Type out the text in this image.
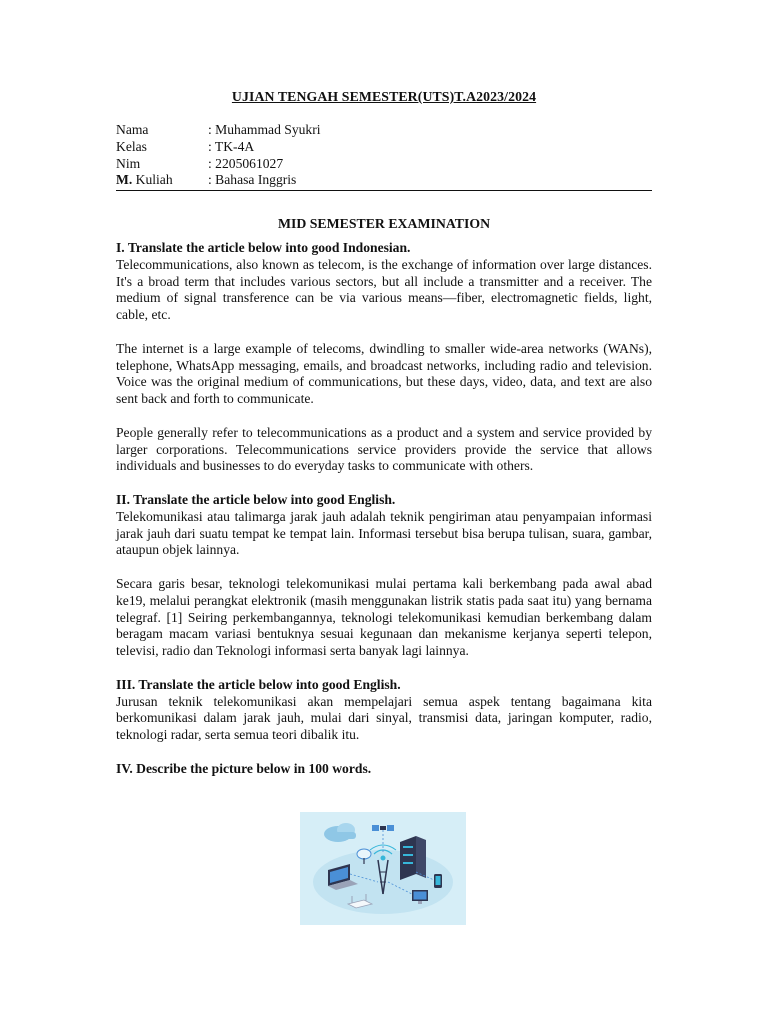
UJIAN TENGAH SEMESTER(UTS)T.A2023/2024
Nama	: Muhammad Syukri
Kelas	: TK-4A
Nim	: 2205061027
M. Kuliah	: Bahasa Inggris
MID SEMESTER EXAMINATION

I. Translate the article below into good Indonesian.

Telecommunications, also known as telecom, is the exchange of information over large distances. It's a broad term that includes various sectors, but all include a transmitter and a receiver. The medium of signal transference can be via various means—fiber, electromagnetic fields, light, cable, etc.

The internet is a large example of telecoms, dwindling to smaller wide-area networks (WANs), telephone, WhatsApp messaging, emails, and broadcast networks, including radio and television. Voice was the original medium of communications, but these days, video, data, and text are also sent back and forth to communicate.

People generally refer to telecommunications as a product and a system and service provided by larger corporations. Telecommunications service providers provide the service that allows individuals and businesses to do everyday tasks to communicate with others.

II. Translate the article below into good English.

Telekomunikasi atau talimarga jarak jauh adalah teknik pengiriman atau penyampaian informasi jarak jauh dari suatu tempat ke tempat lain. Informasi tersebut bisa berupa tulisan, suara, gambar, ataupun objek lainnya.

Secara garis besar, teknologi telekomunikasi mulai pertama kali berkembang pada awal abad ke19, melalui perangkat elektronik (masih menggunakan listrik statis pada saat itu) yang bernama telegraf. [1] Seiring perkembangannya, teknologi telekomunikasi kemudian berkembang dalam beragam macam variasi bentuknya sesuai kegunaan dan mekanisme kerjanya seperti telepon, televisi, radio dan Teknologi informasi serta banyak lagi lainnya.

III. Translate the article below into good English.

Jurusan teknik telekomunikasi akan mempelajari semua aspek tentang bagaimana kita berkomunikasi dalam jarak jauh, mulai dari sinyal, transmisi data, jaringan komputer, radio, teknologi radar, serta semua teori dibalik itu.

IV. Describe the picture below in 100 words.
